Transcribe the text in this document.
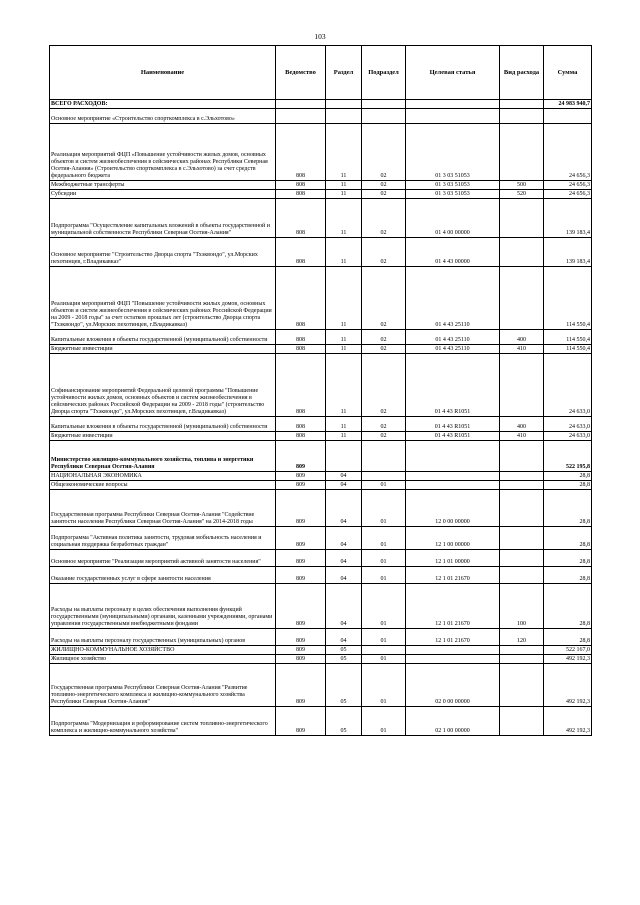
103
Наименование	Ведомство	Раздел	Подраздел	Целевая статья	Вид расхода	Сумма
ВСЕГО РАСХОДОВ:						24 983 940,7
Основное мероприятие «Строительство спорткомплекса в с.Эльхотово»						
Реализация мероприятий ФЦП «Повышение устойчивости жилых домов, основных объектов и систем жизнеобеспечения в сейсмических районах Республики Северная Осетия-Алания» (Строительство спорткомплекса в с.Эльхотово) за счет средств федерального бюджета	808	11	02	01 3 03 51053		24 656,3
Межбюджетные трансферты	808	11	02	01 3 03 51053	500	24 656,3
Субсидии	808	11	02	01 3 03 51053	520	24 656,3
Подпрограмма "Осуществление капитальных вложений в объекты государственной и муниципальной собственности Республики Северная Осетия-Алания"	808	11	02	01 4 00 00000		139 183,4
Основное мероприятие "Строительство Дворца спорта "Тхэквондо", ул.Морских пехотинцев, г.Владикавказ"	808	11	02	01 4 43 00000		139 183,4
Реализация мероприятий ФЦП "Повышение устойчивости жилых домов, основных объектов и систем жизнеобеспечения в сейсмических районах Российской Федерации на 2009 - 2018 годы" за счет остатков прошлых лет (строительство Дворца спорта "Тхэквондо", ул.Морских пехотинцев, г.Владикавказ)	808	11	02	01 4 43 25110		114 550,4
Капитальные вложения в объекты государственной (муниципальной) собственности	808	11	02	01 4 43 25110	400	114 550,4
Бюджетные инвестиции	808	11	02	01 4 43 25110	410	114 550,4
Софинансирование мероприятий Федеральной целевой программы "Повышение устойчивости жилых домов, основных объектов и систем жизнеобеспечения в сейсмических районах Российской Федерации на 2009 - 2018 годы" (строительство Дворца спорта "Тхэквондо", ул.Морских пехотинцев, г.Владикавказ)	808	11	02	01 4 43 R1051		24 633,0
Капитальные вложения в объекты государственной (муниципальной) собственности	808	11	02	01 4 43 R1051	400	24 633,0
Бюджетные инвестиции	808	11	02	01 4 43 R1051	410	24 633,0
Министерство жилищно-коммунального хозяйства, топлива и энергетики Республики Северная Осетия-Алания	809					522 195,8
НАЦИОНАЛЬНАЯ ЭКОНОМИКА	809	04				28,8
Общеэкономические вопросы	809	04	01			28,8
Государственная программа Республики Северная Осетия-Алания "Содействие занятости населения Республики Северная Осетия-Алания" на 2014-2018 годы	809	04	01	12 0 00 00000		28,8
Подпрограмма "Активная политика занятости, трудовая мобильность населения и социальная поддержка безработных граждан"	809	04	01	12 1 00 00000		28,8
Основное мероприятие "Реализация мероприятий активной занятости населения"	809	04	01	12 1 01 00000		28,8
Оказание государственных услуг в сфере занятости населения	809	04	01	12 1 01 21670		28,8
Расходы на выплаты персоналу в целях обеспечения выполнения функций государственными (муниципальными) органами, казенными учреждениями, органами управления государственными внебюджетными фондами	809	04	01	12 1 01 21670	100	28,8
Расходы на выплаты персоналу государственных (муниципальных) органов	809	04	01	12 1 01 21670	120	28,8
ЖИЛИЩНО-КОММУНАЛЬНОЕ ХОЗЯЙСТВО	809	05				522 167,0
Жилищное хозяйство	809	05	01			492 192,3
Государственная программа Республики Северная Осетия-Алания "Развитие топливно-энергетического комплекса и жилищно-коммунального хозяйства Республики Северная Осетия-Алания"	809	05	01	02 0 00 00000		492 192,3
Подпрограмма "Модернизация и реформирование систем топливно-энергетического комплекса и жилищно-коммунального хозяйства"	809	05	01	02 1 00 00000		492 192,3
